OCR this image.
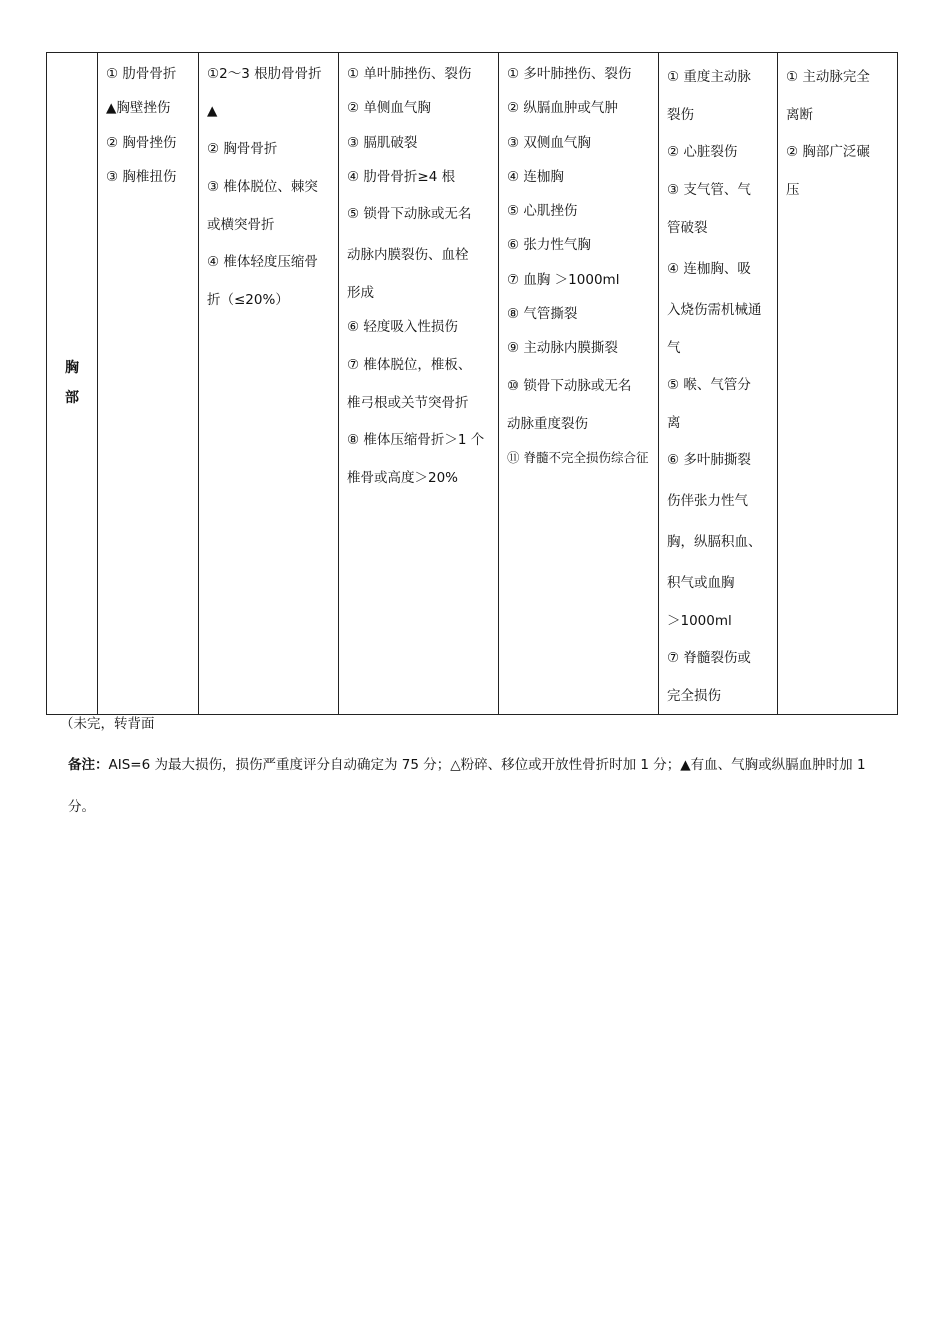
胸部	
① 肋骨骨折
▲胸壁挫伤
② 胸骨挫伤
③ 胸椎扭伤

①2～3 根肋骨骨折
▲
② 胸骨骨折
③ 椎体脱位、棘突
或横突骨折
④ 椎体轻度压缩骨
折（≤20%）

① 单叶肺挫伤、裂伤
② 单侧血气胸
③ 膈肌破裂
④ 肋骨骨折≥4 根
⑤ 锁骨下动脉或无名
动脉内膜裂伤、血栓
形成
⑥ 轻度吸入性损伤
⑦ 椎体脱位，椎板、
椎弓根或关节突骨折
⑧ 椎体压缩骨折＞1 个
椎骨或高度＞20%

① 多叶肺挫伤、裂伤
② 纵膈血肿或气肿
③ 双侧血气胸
④ 连枷胸
⑤ 心肌挫伤
⑥ 张力性气胸
⑦ 血胸 ＞1000ml
⑧ 气管撕裂
⑨ 主动脉内膜撕裂
⑩ 锁骨下动脉或无名
动脉重度裂伤
⑪ 脊髓不完全损伤综合征

① 重度主动脉
裂伤
② 心脏裂伤
③ 支气管、气
管破裂
④ 连枷胸、吸
入烧伤需机械通
气
⑤ 喉、气管分
离
⑥ 多叶肺撕裂
伤伴张力性气
胸，纵膈积血、
积气或血胸
＞1000ml
⑦ 脊髓裂伤或
完全损伤

① 主动脉完全
离断
② 胸部广泛碾
压
（未完，转背面
备注：AIS=6 为最大损伤，损伤严重度评分自动确定为 75 分；△粉碎、移位或开放性骨折时加 1 分；▲有血、气胸或纵膈血肿时加 1 分。
